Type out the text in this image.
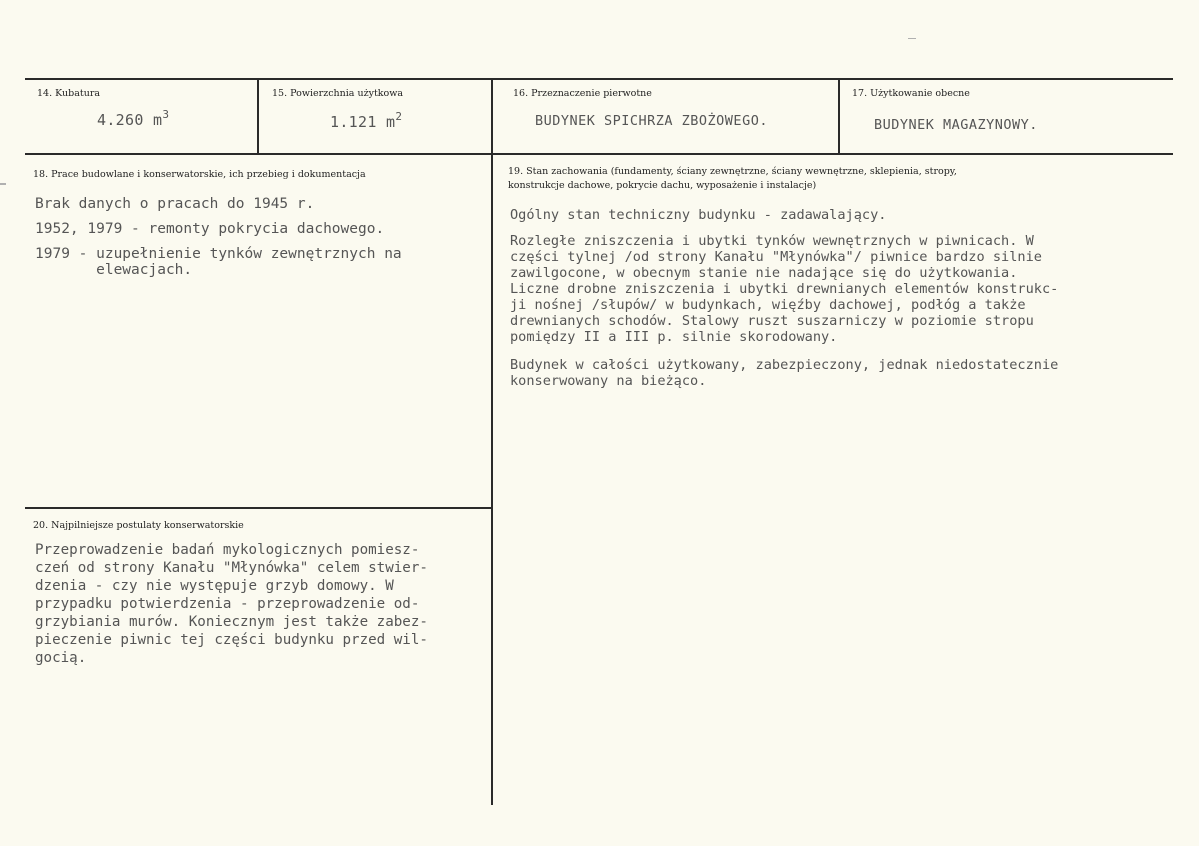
14. Kubatura
4.260 $m^3$
15. Powierzchnia użytkowa
1.121 $m^2$
16. Przeznaczenie pierwotne
BUDYNEK SPICHRZA ZBOŻOWEGO.
17. Użytkowanie obecne
BUDYNEK MAGAZYNOWY.
18. Prace budowlane i konserwatorskie, ich przebieg i dokumentacja
Brak danych o pracach do 1945 r.
1952, 1979 - remonty pokrycia dachowego.
1979 - uzupełnienie tynków zewnętrznych na
elewacjach.
19. Stan zachowania (fundamenty, ściany zewnętrzne, ściany wewnętrzne, sklepienia, stropy,
konstrukcje dachowe, pokrycie dachu, wyposażenie i instalacje)
Ogólny stan techniczny budynku - zadawalający.
Rozległe zniszczenia i ubytki tynków wewnętrznych w piwnicach. W
części tylnej /od strony Kanału "Młynówka"/ piwnice bardzo silnie
zawilgocone, w obecnym stanie nie nadające się do użytkowania.
Liczne drobne zniszczenia i ubytki drewnianych elementów konstrukc-
ji nośnej /słupów/ w budynkach, więźby dachowej, podłóg a także
drewnianych schodów. Stalowy ruszt suszarniczy w poziomie stropu
pomiędzy II a III p. silnie skorodowany.
Budynek w całości użytkowany, zabezpieczony, jednak niedostatecznie
konserwowany na bieżąco.
20. Najpilniejsze postulaty konserwatorskie
Przeprowadzenie badań mykologicznych pomiesz-
czeń od strony Kanału "Młynówka" celem stwier-
dzenia - czy nie występuje grzyb domowy. W
przypadku potwierdzenia - przeprowadzenie od-
grzybiania murów. Koniecznym jest także zabez-
pieczenie piwnic tej części budynku przed wil-
gocią.
